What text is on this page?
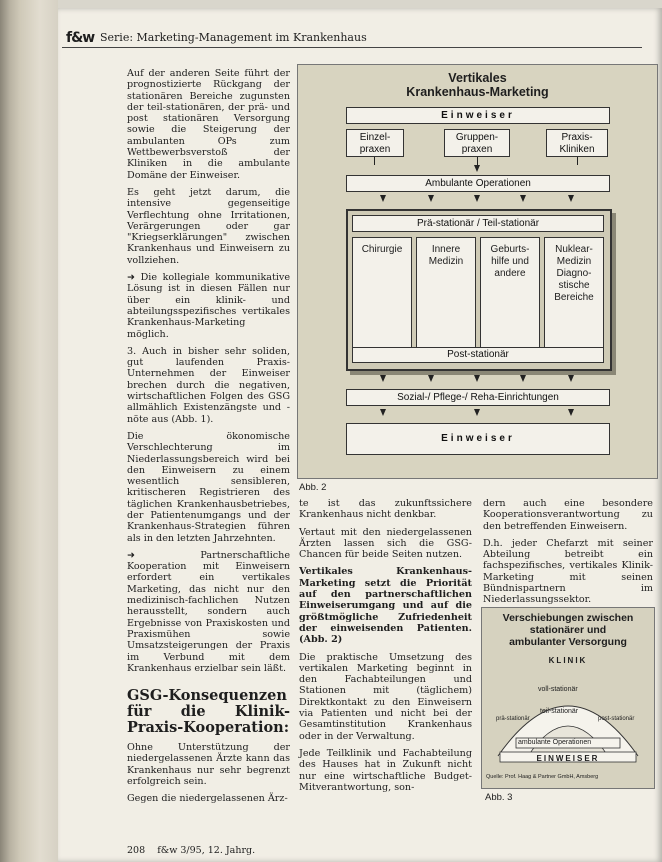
f&w Serie: Marketing-Management im Krankenhaus

Auf der anderen Seite führt der prognostizierte Rückgang der stationären Bereiche zugunsten der teil-stationären, der prä- und post stationären Versorgung sowie die Steigerung der ambulanten OPs zum Wettbewerbsverstoß der Kliniken in die ambulante Domäne der Einweiser.

Es geht jetzt darum, die intensive gegenseitige Verflechtung ohne Irritationen, Verärgerungen oder gar "Kriegserklärungen" zwischen Krankenhaus und Einweisern zu vollziehen.

➜ Die kollegiale kommunikative Lösung ist in diesen Fällen nur über ein klinik- und abteilungsspezifisches vertikales Krankenhaus-Marketing möglich.

3. Auch in bisher sehr soliden, gut laufenden Praxis-Unternehmen der Einweiser brechen durch die negativen, wirtschaftlichen Folgen des GSG allmählich Existenzängste und -nöte aus (Abb. 1).

Die ökonomische Verschlechterung im Niederlassungsbereich wird bei den Einweisern zu einem wesentlich sensibleren, kritischeren Registrieren des täglichen Krankenhausbetriebes, der Patientenumgangs und der Krankenhaus-Strategien führen als in den letzten Jahrzehnten.

➜ Partnerschaftliche Kooperation mit Einweisern erfordert ein vertikales Marketing, das nicht nur den medizinisch-fachlichen Nutzen herausstellt, sondern auch Ergebnisse von Praxiskosten und Praxismühen sowie Umsatzsteigerungen der Praxis im Verbund mit dem Krankenhaus erzielbar sein läßt.

GSG-Konsequenzen für die Klinik-Praxis-Kooperation:

Ohne Unterstützung der niedergelassenen Ärzte kann das Krankenhaus nur sehr begrenzt erfolgreich sein.

Gegen die niedergelassenen Ärz-

Vertikales
Krankenhaus-Marketing
Einweiser
Einzel-
praxen
Gruppen-
praxen
Praxis-
Kliniken
Ambulante Operationen
Prä-stationär / Teil-stationär
Chirurgie	Innere
Medizin
Geburts-
hilfe und
andere
Nuklear-
Medizin
Diagno-
stische
Bereiche
Post-stationär
Sozial-/ Pflege-/ Reha-Einrichtungen
Einweiser
Abb. 2

te ist das zukunftssichere Krankenhaus nicht denkbar.

Vertaut mit den niedergelassenen Ärzten lassen sich die GSG-Chancen für beide Seiten nutzen.

Vertikales Krankenhaus-Marketing setzt die Priorität auf den partnerschaftlichen Einweiserumgang und auf die größtmögliche Zufriedenheit der einweisenden Patienten. (Abb. 2)

Die praktische Umsetzung des vertikalen Marketing beginnt in den Fachabteilungen und Stationen mit (täglichem) Direktkontakt zu den Einweisern via Patienten und nicht bei der Gesamtinstitution Krankenhaus oder in der Verwaltung.

Jede Teilklinik und Fachabteilung des Hauses hat in Zukunft nicht nur eine wirtschaftliche Budget-Mitverantwortung, son-

dern auch eine besondere Kooperationsverantwortung zu den betreffenden Einweisern.

D.h. jeder Chefarzt mit seiner Abteilung betreibt ein fachspezifisches, vertikales Klinik-Marketing mit seinen Bündnispartnern im Niederlassungssektor.

Verschiebungen zwischen
stationärer und
ambulanter Versorgung
KLINIK
voll-stationär
teil-stationär
prä-stationär	post-stationär
ambulante Operationen
EINWEISER
Quelle: Prof. Haag & Partner GmbH, Amsberg
Abb. 3
208 f&w 3/95, 12. Jahrg.
